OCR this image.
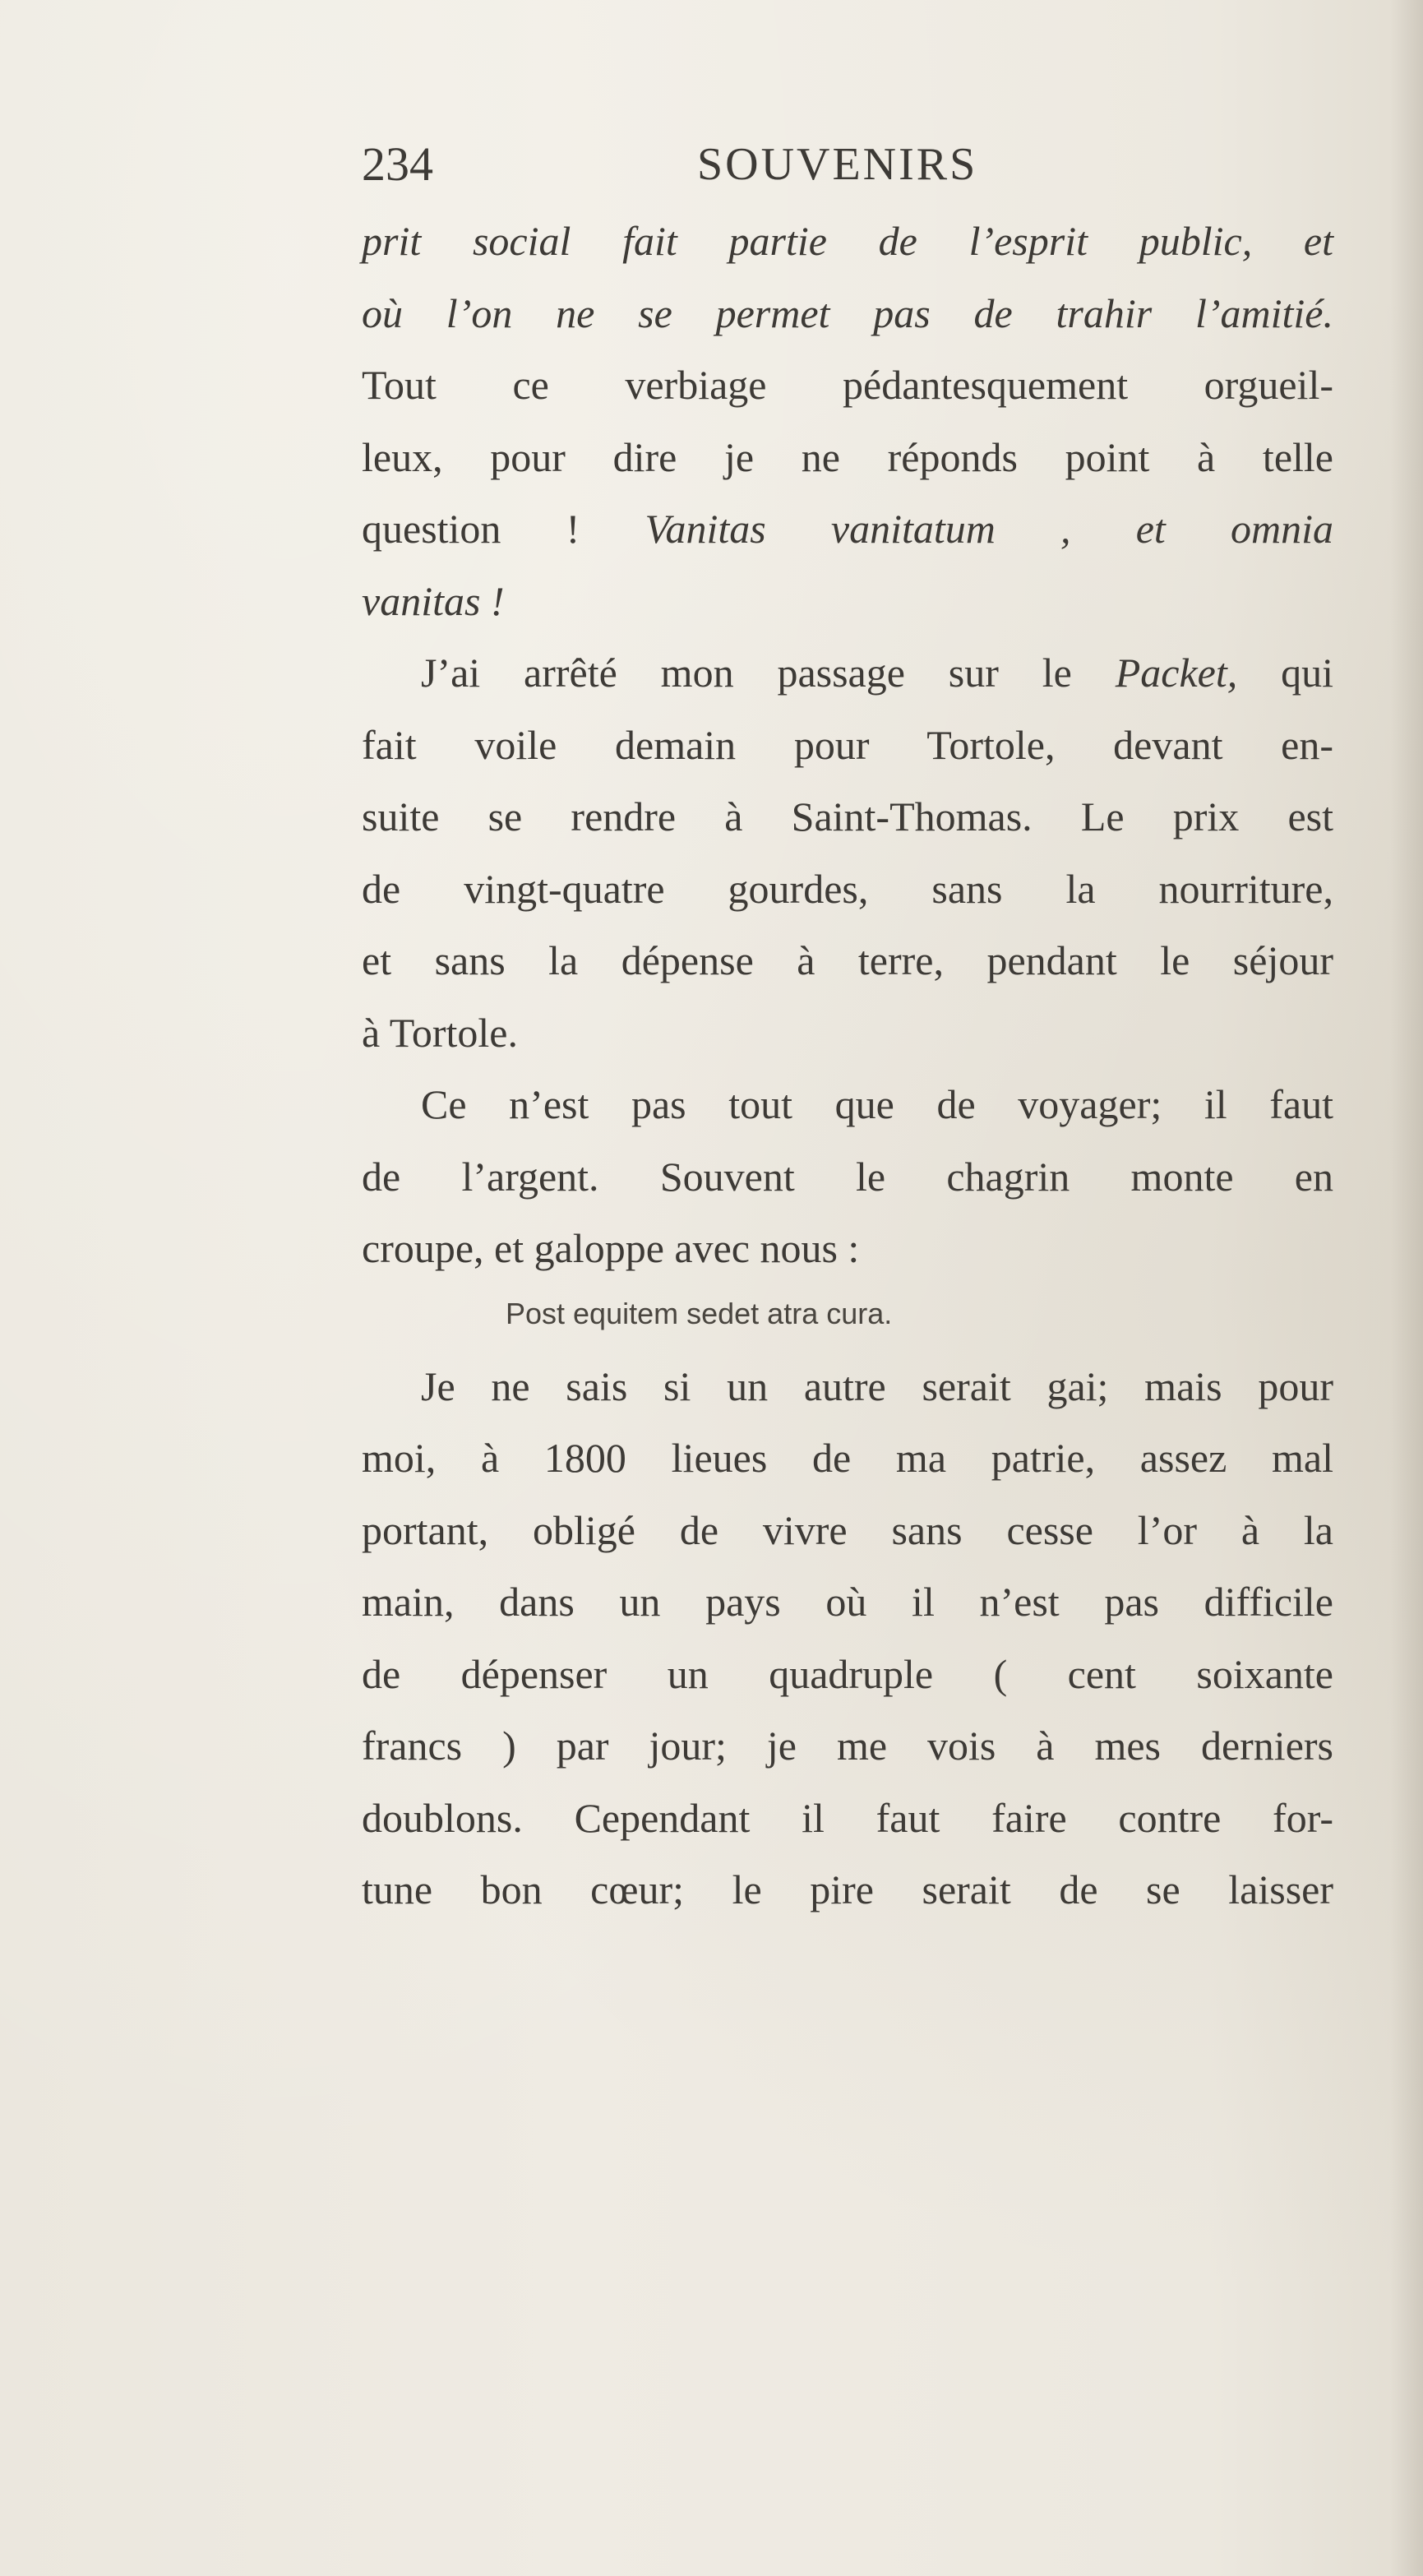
234	SOUVENIRS
prit social fait partie de l’esprit public, et
où l’on ne se permet pas de trahir l’amitié.
Tout ce verbiage pédantesquement orgueil-
leux, pour dire je ne réponds point à telle
question ! Vanitas vanitatum , et omnia
vanitas !
J’ai arrêté mon passage sur le Packet, qui
fait voile demain pour Tortole, devant en-
suite se rendre à Saint-Thomas. Le prix est
de vingt-quatre gourdes, sans la nourriture,
et sans la dépense à terre, pendant le séjour
à Tortole.
Ce n’est pas tout que de voyager; il faut
de l’argent. Souvent le chagrin monte en
croupe, et galoppe avec nous :
Post equitem sedet atra cura.
Je ne sais si un autre serait gai; mais pour
moi, à 1800 lieues de ma patrie, assez mal
portant, obligé de vivre sans cesse l’or à la
main, dans un pays où il n’est pas difficile
de dépenser un quadruple ( cent soixante
francs ) par jour; je me vois à mes derniers
doublons. Cependant il faut faire contre for-
tune bon cœur; le pire serait de se laisser
